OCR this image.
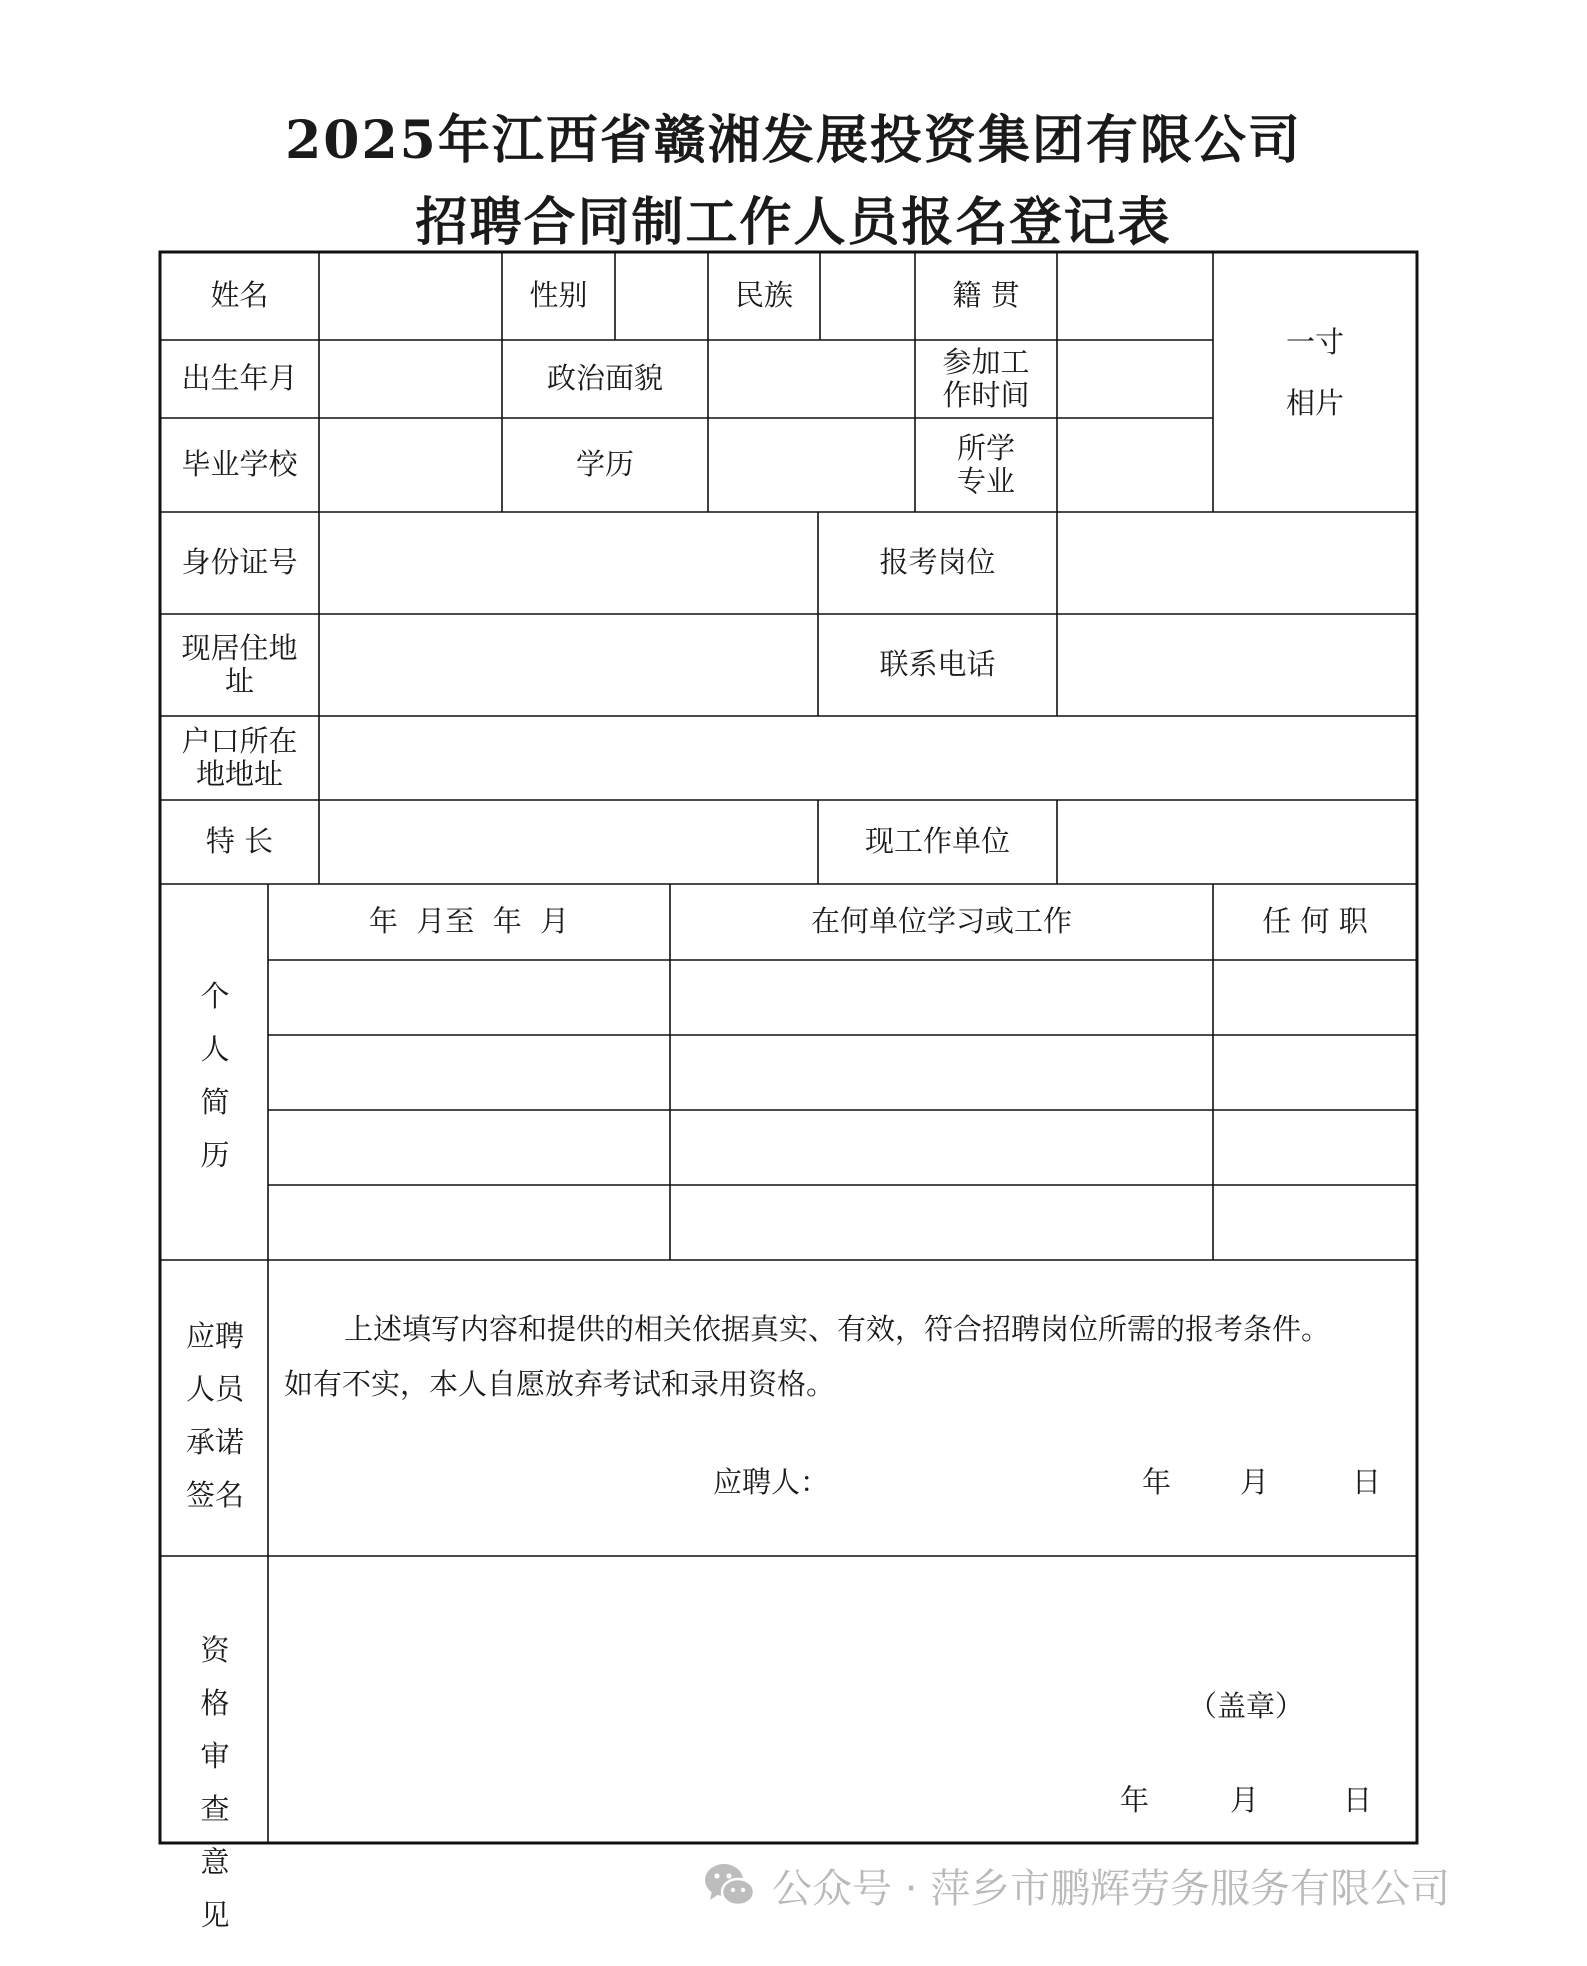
2025年江西省赣湘发展投资集团有限公司
招聘合同制工作人员报名登记表
姓名	性别	民族	籍 贯
一寸
相片
出生年月	政治面貌	参加工作时间
毕业学校	学历	所学专业
身份证号	报考岗位
现居住地址	联系电话
户口所在地地址
特 长	现工作单位
个人简历
年  月至  年  月	在何单位学习或工作	任 何 职
应聘人员承诺签名
上述填写内容和提供的相关依据真实、有效，符合招聘岗位所需的报考条件。
如有不实，本人自愿放弃考试和录用资格。
应聘人：	年 月	日
资格审查意见
（盖章）
年	月	日
公众号 · 萍乡市鹏辉劳务服务有限公司
